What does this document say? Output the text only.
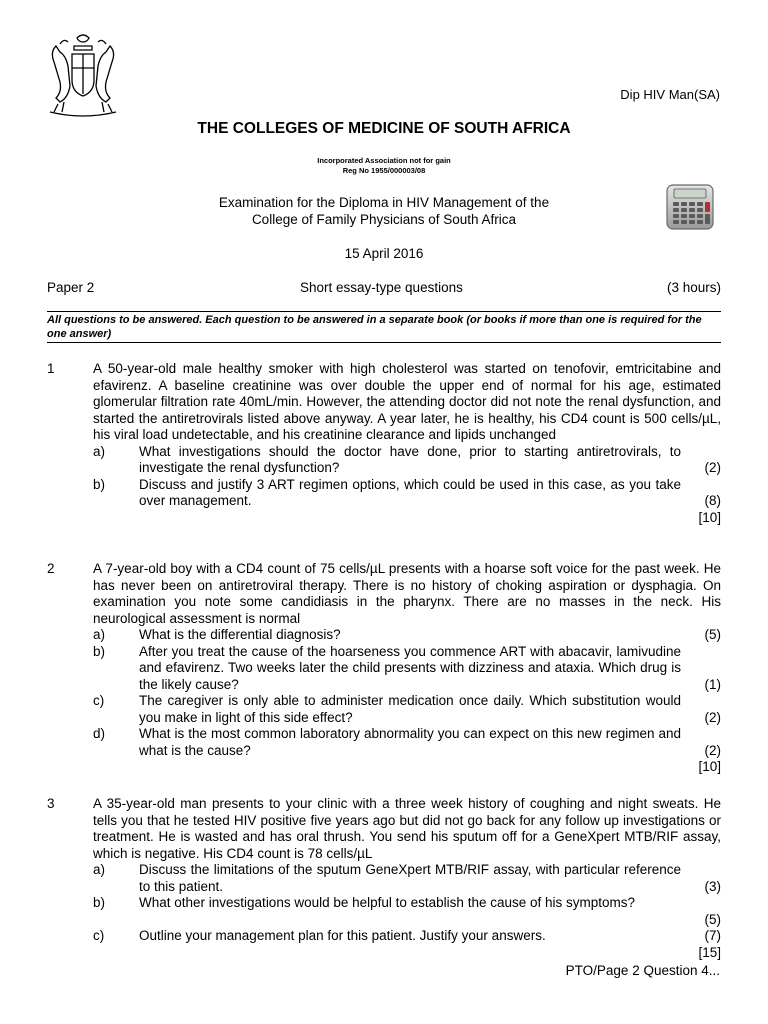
Dip HIV Man(SA)
THE COLLEGES OF MEDICINE OF SOUTH AFRICA
Incorporated Association not for gain
Reg No 1955/000003/08
Examination for the Diploma in HIV Management of the
College of Family Physicians of South Africa
15 April 2016
Paper 2	Short essay-type questions	(3 hours)
All questions to be answered. Each question to be answered in a separate book (or books if more than one is required for the one answer)
1	A 50-year-old male healthy smoker with high cholesterol was started on tenofovir, emtricitabine and efavirenz. A baseline creatinine was over double the upper end of normal for his age, estimated glomerular filtration rate 40mL/min. However, the attending doctor did not note the renal dysfunction, and started the antiretrovirals listed above anyway. A year later, he is healthy, his CD4 count is 500 cells/µL, his viral load undetectable, and his creatinine clearance and lipids unchanged
a)	What investigations should the doctor have done, prior to starting antiretrovirals, to investigate the renal dysfunction?	(2)
b)	Discuss and justify 3 ART regimen options, which could be used in this case, as you take over management.	(8)
[10]
2	A 7-year-old boy with a CD4 count of 75 cells/µL presents with a hoarse soft voice for the past week. He has never been on antiretroviral therapy. There is no history of choking aspiration or dysphagia. On examination you note some candidiasis in the pharynx. There are no masses in the neck. His neurological assessment is normal
a)	What is the differential diagnosis?	(5)
b)	After you treat the cause of the hoarseness you commence ART with abacavir, lamivudine and efavirenz. Two weeks later the child presents with dizziness and ataxia. Which drug is the likely cause?	(1)
c)	The caregiver is only able to administer medication once daily. Which substitution would you make in light of this side effect?	(2)
d)	What is the most common laboratory abnormality you can expect on this new regimen and what is the cause?	(2)
[10]
3	A 35-year-old man presents to your clinic with a three week history of coughing and night sweats. He tells you that he tested HIV positive five years ago but did not go back for any follow up investigations or treatment. He is wasted and has oral thrush. You send his sputum off for a GeneXpert MTB/RIF assay, which is negative. His CD4 count is 78 cells/µL
a)	Discuss the limitations of the sputum GeneXpert MTB/RIF assay, with particular reference to this patient.	(3)
b)	What other investigations would be helpful to establish the cause of his symptoms?
(5)
c)	Outline your management plan for this patient. Justify your answers.	(7)
[15]
PTO/Page 2 Question 4...
